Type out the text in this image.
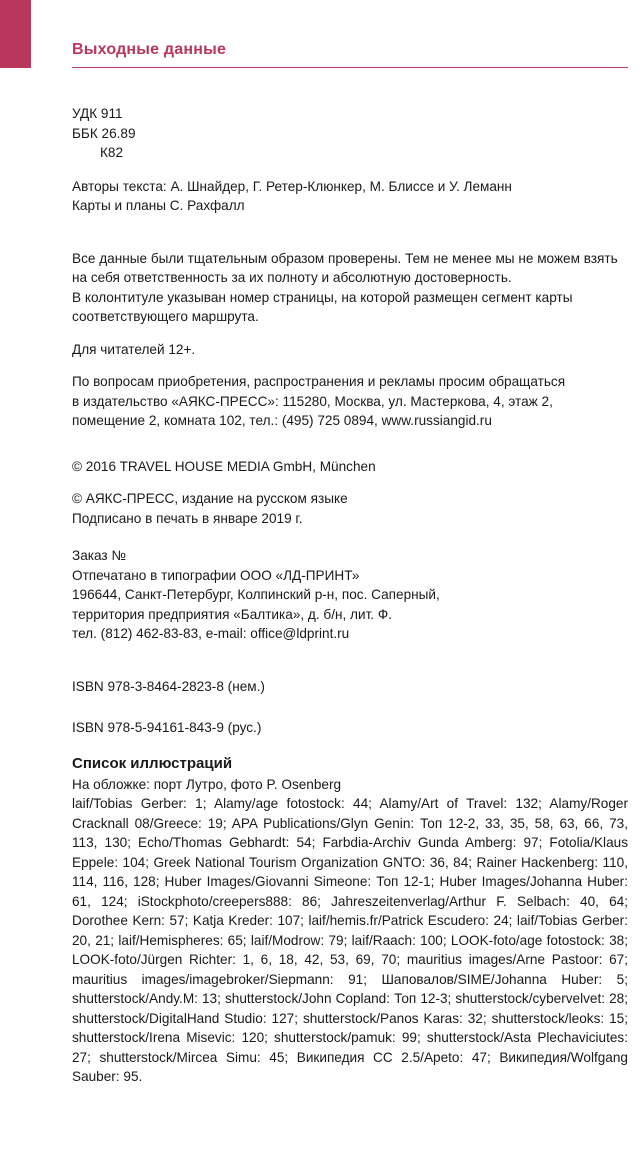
Выходные данные
УДК 911
ББК 26.89
К82
Авторы текста: А. Шнайдер, Г. Ретер-Клюнкер, М. Блиссе и У. Леманн
Карты и планы С. Рахфалл
Все данные были тщательным образом проверены. Тем не менее мы не можем взять
на себя ответственность за их полноту и абсолютную достоверность.
В колонтитуле указыван номер страницы, на которой размещен сегмент карты
соответствующего маршрута.
Для читателей 12+.
По вопросам приобретения, распространения и рекламы просим обращаться
в издательство «АЯКС-ПРЕСС»: 115280, Москва, ул. Мастеркова, 4, этаж 2,
помещение 2, комната 102, тел.: (495) 725 0894, www.russiangid.ru
© 2016 TRAVEL HOUSE MEDIA GmbH, München
© АЯКС-ПРЕСС, издание на русском языке
Подписано в печать в январе 2019 г.
Заказ №
Отпечатано в типографии ООО «ЛД-ПРИНТ»
196644, Санкт-Петербург, Колпинский р-н, пос. Саперный,
территория предприятия «Балтика», д. б/н, лит. Ф.
тел. (812) 462-83-83, e-mail: office@ldprint.ru
ISBN 978-3-8464-2823-8 (нем.)
ISBN 978-5-94161-843-9 (рус.)
Список иллюстраций
На обложке: порт Лутро, фото P. Osenberg

laif/Tobias Gerber: 1; Alamy/age fotostock: 44; Alamy/Art of Travel: 132; Alamy/Roger Cracknall 08/Greece: 19; APA Publications/Glyn Genin: Топ 12-2, 33, 35, 58, 63, 66, 73, 113, 130; Echo/Thomas Gebhardt: 54; Farbdia-Archiv Gunda Amberg: 97; Fotolia/Klaus Eppele: 104; Greek National Tourism Organization GNTO: 36, 84; Rainer Hackenberg: 110, 114, 116, 128; Huber Images/Giovanni Simeone: Топ 12-1; Huber Images/Johanna Huber: 61, 124; iStockphoto/creepers888: 86; Jahreszeitenverlag/Arthur F. Selbach: 40, 64; Dorothee Kern: 57; Katja Kreder: 107; laif/hemis.fr/Patrick Escudero: 24; laif/Tobias Gerber: 20, 21; laif/Hemispheres: 65; laif/Modrow: 79; laif/Raach: 100; LOOK-foto/age fotostock: 38; LOOK-foto/Jürgen Richter: 1, 6, 18, 42, 53, 69, 70; mauritius images/Arne Pastoor: 67; mauritius images/imagebroker/Siepmann: 91; Шаповалов/SIME/Johanna Huber: 5; shutterstock/Andy.M: 13; shutterstock/John Copland: Топ 12-3; shutterstock/cybervelvet: 28; shutterstock/DigitalHand Studio: 127; shutterstock/Panos Karas: 32; shutterstock/leoks: 15; shutterstock/Irena Misevic: 120; shutterstock/pamuk: 99; shutterstock/Asta Plechaviciutes: 27; shutterstock/Mircea Simu: 45; Википедия CC 2.5/Apeto: 47; Википедия/Wolfgang Sauber: 95.
